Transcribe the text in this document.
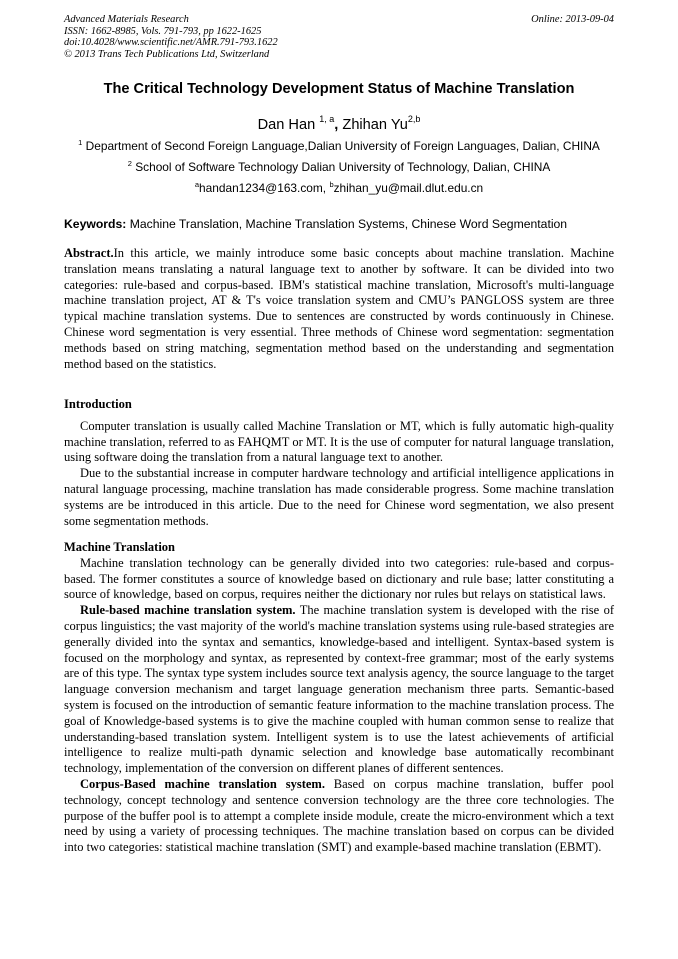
Advanced Materials Research
ISSN: 1662-8985, Vols. 791-793, pp 1622-1625
doi:10.4028/www.scientific.net/AMR.791-793.1622
© 2013 Trans Tech Publications Ltd, Switzerland
Online: 2013-09-04
The Critical Technology Development Status of Machine Translation
Dan Han $^{1, a}$, Zhihan Yu$^{2,b}$
$^1$ Department of Second Foreign Language,Dalian University of Foreign Languages, Dalian, CHINA
$^2$ School of Software Technology Dalian University of Technology, Dalian, CHINA
$^a$handan1234@163.com, $^b$zhihan_yu@mail.dlut.edu.cn
Keywords: Machine Translation, Machine Translation Systems, Chinese Word Segmentation

Abstract.In this article, we mainly introduce some basic concepts about machine translation. Machine translation means translating a natural language text to another by software. It can be divided into two categories: rule-based and corpus-based. IBM's statistical machine translation, Microsoft's multi-language machine translation project, AT & T's voice translation system and CMU’s PANGLOSS system are three typical machine translation systems. Due to sentences are constructed by words continuously in Chinese. Chinese word segmentation is very essential. Three methods of Chinese word segmentation: segmentation methods based on string matching, segmentation method based on the understanding and segmentation method based on the statistics.

Introduction

Computer translation is usually called Machine Translation or MT, which is fully automatic high-quality machine translation, referred to as FAHQMT or MT. It is the use of computer for natural language translation, using software doing the translation from a natural language text to another.

Due to the substantial increase in computer hardware technology and artificial intelligence applications in natural language processing, machine translation has made considerable progress. Some machine translation systems are be introduced in this article. Due to the need for Chinese word segmentation, we also present some segmentation methods.

Machine Translation

Machine translation technology can be generally divided into two categories: rule-based and corpus-based. The former constitutes a source of knowledge based on dictionary and rule base; latter constituting a source of knowledge, based on corpus, requires neither the dictionary nor rules but relays on statistical laws.

Rule-based machine translation system. The machine translation system is developed with the rise of corpus linguistics; the vast majority of the world's machine translation systems using rule-based strategies are generally divided into the syntax and semantics, knowledge-based and intelligent. Syntax-based system is focused on the morphology and syntax, as represented by context-free grammar; most of the early systems are of this type. The syntax type system includes source text analysis agency, the source language to the target language conversion mechanism and target language generation mechanism three parts. Semantic-based system is focused on the introduction of semantic feature information to the machine translation process. The goal of Knowledge-based systems is to give the machine coupled with human common sense to realize that understanding-based translation system. Intelligent system is to use the latest achievements of artificial intelligence to realize multi-path dynamic selection and knowledge base automatically recombinant technology, implementation of the conversion on different planes of different sentences.

Corpus-Based machine translation system. Based on corpus machine translation, buffer pool technology, concept technology and sentence conversion technology are the three core technologies. The purpose of the buffer pool is to attempt a complete inside module, create the micro-environment which a text need by using a variety of processing techniques. The machine translation based on corpus can be divided into two categories: statistical machine translation (SMT) and example-based machine translation (EBMT).
